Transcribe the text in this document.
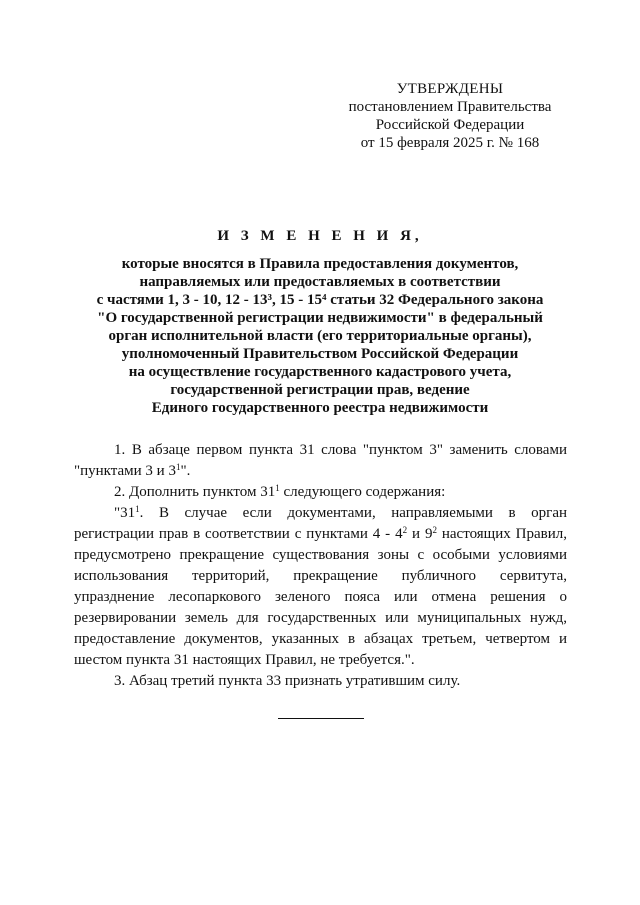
УТВЕРЖДЕНЫ
постановлением Правительства
Российской Федерации
от 15 февраля 2025 г. № 168
И З М Е Н Е Н И Я,
которые вносятся в Правила предоставления документов,
направляемых или предоставляемых в соответствии
с частями 1, 3 - 10, 12 - 13³, 15 - 15⁴ статьи 32 Федерального закона
"О государственной регистрации недвижимости" в федеральный
орган исполнительной власти (его территориальные органы),
уполномоченный Правительством Российской Федерации
на осуществление государственного кадастрового учета,
государственной регистрации прав, ведение
Единого государственного реестра недвижимости

1. В абзаце первом пункта 31 слова "пунктом 3" заменить словами "пунктами 3 и $3^1$".

2. Дополнить пунктом $31^1$ следующего содержания:

"$31^1$. В случае если документами, направляемыми в орган регистрации прав в соответствии с пунктами $4 - 4^2$ и $9^2$ настоящих Правил, предусмотрено прекращение существования зоны с особыми условиями использования территорий, прекращение публичного сервитута, упразднение лесопаркового зеленого пояса или отмена решения о резервировании земель для государственных или муниципальных нужд, предоставление документов, указанных в абзацах третьем, четвертом и шестом пункта 31 настоящих Правил, не требуется.".

3. Абзац третий пункта 33 признать утратившим силу.
